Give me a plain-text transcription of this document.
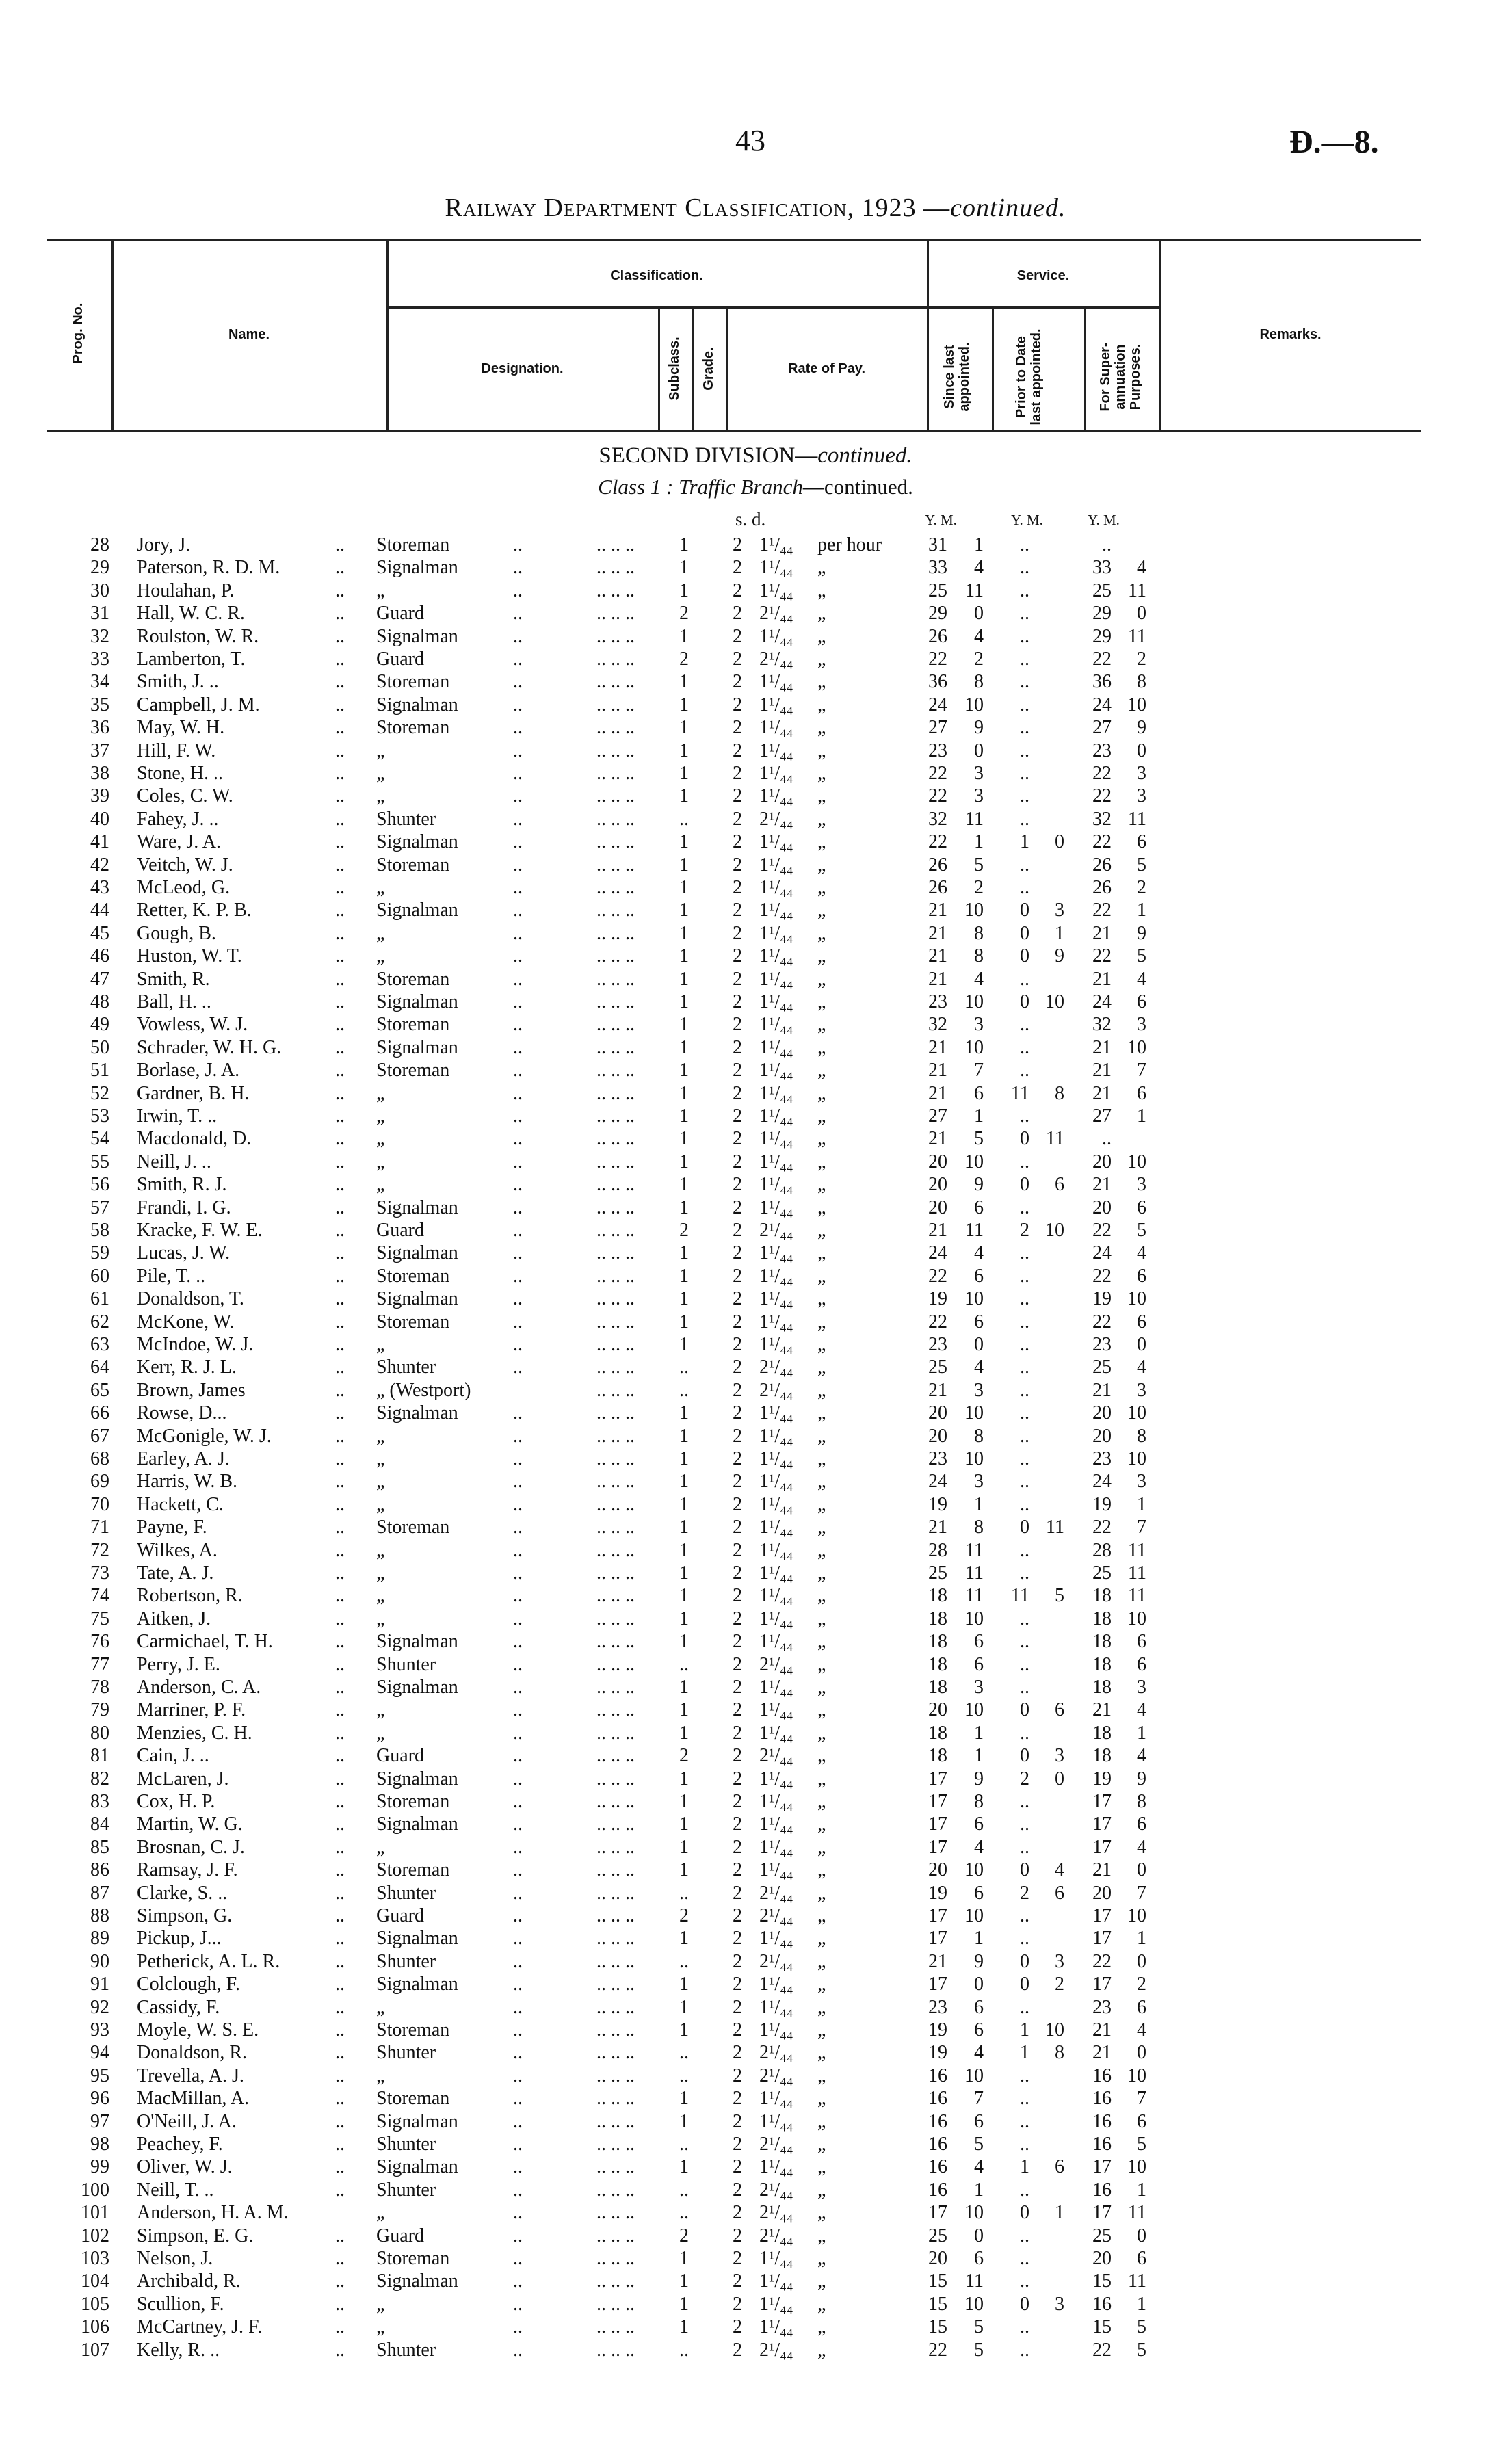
43	Ɖ.—8.
Railway Department Classification, 1923 —continued.
Prog. No.	Name.
Classification.
Designation.	Subclass. Grade.	Rate of Pay.
Service.
Since last appointed.	Prior to Date last appointed.	For Super-annuation Purposes.
Remarks.
SECOND DIVISION—continued.
Class 1 : Traffic Branch—continued.
s. d.	Y. M.	Y. M.	Y. M.
28 Jory, J.	.. Storeman	..	.. .. ..	1	2 1¹/₄₄ per hour	31	1	..	..
29 Paterson, R. D. M.	.. Signalman	..	.. .. ..	1	2 1¹/₄₄ „	33	4	..	33	4
30 Houlahan, P.	.. „	..	.. .. ..	1	2 1¹/₄₄ „	25 11	..	25 11
31 Hall, W. C. R.	.. Guard	..	.. .. ..	2	2 2¹/₄₄ „	29	0	..	29	0
32 Roulston, W. R.	.. Signalman	..	.. .. ..	1	2 1¹/₄₄ „	26	4	..	29 11
33 Lamberton, T.	.. Guard	..	.. .. ..	2	2 2¹/₄₄ „	22	2	..	22	2
34 Smith, J. ..	.. Storeman	..	.. .. ..	1	2 1¹/₄₄ „	36	8	..	36	8
35 Campbell, J. M.	.. Signalman	..	.. .. ..	1	2 1¹/₄₄ „	24 10	..	24 10
36 May, W. H.	.. Storeman	..	.. .. ..	1	2 1¹/₄₄ „	27	9	..	27	9
37 Hill, F. W.	.. „	..	.. .. ..	1	2 1¹/₄₄ „	23	0	..	23	0
38 Stone, H. ..	.. „	..	.. .. ..	1	2 1¹/₄₄ „	22	3	..	22	3
39 Coles, C. W.	.. „	..	.. .. ..	1	2 1¹/₄₄ „	22	3	..	22	3
40 Fahey, J. ..	.. Shunter	..	.. .. ..	..	2 2¹/₄₄ „	32 11	..	32 11
41 Ware, J. A.	.. Signalman	..	.. .. ..	1	2 1¹/₄₄ „	22	1	1	0	22	6
42 Veitch, W. J.	.. Storeman	..	.. .. ..	1	2 1¹/₄₄ „	26	5	..	26	5
43 McLeod, G.	.. „	..	.. .. ..	1	2 1¹/₄₄ „	26	2	..	26	2
44 Retter, K. P. B.	.. Signalman	..	.. .. ..	1	2 1¹/₄₄ „	21 10	0	3	22	1
45 Gough, B.	.. „	..	.. .. ..	1	2 1¹/₄₄ „	21	8	0	1	21	9
46 Huston, W. T.	.. „	..	.. .. ..	1	2 1¹/₄₄ „	21	8	0	9	22	5
47 Smith, R.	.. Storeman	..	.. .. ..	1	2 1¹/₄₄ „	21	4	..	21	4
48 Ball, H. ..	.. Signalman	..	.. .. ..	1	2 1¹/₄₄ „	23 10	0 10	24	6
49 Vowless, W. J.	.. Storeman	..	.. .. ..	1	2 1¹/₄₄ „	32	3	..	32	3
50 Schrader, W. H. G.	.. Signalman	..	.. .. ..	1	2 1¹/₄₄ „	21 10	..	21 10
51 Borlase, J. A.	.. Storeman	..	.. .. ..	1	2 1¹/₄₄ „	21	7	..	21	7
52 Gardner, B. H.	.. „	..	.. .. ..	1	2 1¹/₄₄ „	21	6	11	8	21	6
53 Irwin, T. ..	.. „	..	.. .. ..	1	2 1¹/₄₄ „	27	1	..	27	1
54 Macdonald, D.	.. „	..	.. .. ..	1	2 1¹/₄₄ „	21	5	0 11	..
55 Neill, J. ..	.. „	..	.. .. ..	1	2 1¹/₄₄ „	20 10	..	20 10
56 Smith, R. J.	.. „	..	.. .. ..	1	2 1¹/₄₄ „	20	9	0	6	21	3
57 Frandi, I. G.	.. Signalman	..	.. .. ..	1	2 1¹/₄₄ „	20	6	..	20	6
58 Kracke, F. W. E.	.. Guard	..	.. .. ..	2	2 2¹/₄₄ „	21 11	2 10	22	5
59 Lucas, J. W.	.. Signalman	..	.. .. ..	1	2 1¹/₄₄ „	24	4	..	24	4
60 Pile, T. ..	.. Storeman	..	.. .. ..	1	2 1¹/₄₄ „	22	6	..	22	6
61 Donaldson, T.	.. Signalman	..	.. .. ..	1	2 1¹/₄₄ „	19 10	..	19 10
62 McKone, W.	.. Storeman	..	.. .. ..	1	2 1¹/₄₄ „	22	6	..	22	6
63 McIndoe, W. J.	.. „	..	.. .. ..	1	2 1¹/₄₄ „	23	0	..	23	0
64 Kerr, R. J. L.	.. Shunter	..	.. .. ..	..	2 2¹/₄₄ „	25	4	..	25	4
65 Brown, James	.. „ (Westport)	.. .. ..	..	2 2¹/₄₄ „	21	3	..	21	3
66 Rowse, D...	.. Signalman	..	.. .. ..	1	2 1¹/₄₄ „	20 10	..	20 10
67 McGonigle, W. J.	.. „	..	.. .. ..	1	2 1¹/₄₄ „	20	8	..	20	8
68 Earley, A. J.	.. „	..	.. .. ..	1	2 1¹/₄₄ „	23 10	..	23 10
69 Harris, W. B.	.. „	..	.. .. ..	1	2 1¹/₄₄ „	24	3	..	24	3
70 Hackett, C.	.. „	..	.. .. ..	1	2 1¹/₄₄ „	19	1	..	19	1
71 Payne, F.	.. Storeman	..	.. .. ..	1	2 1¹/₄₄ „	21	8	0 11	22	7
72 Wilkes, A.	.. „	..	.. .. ..	1	2 1¹/₄₄ „	28 11	..	28 11
73 Tate, A. J.	.. „	..	.. .. ..	1	2 1¹/₄₄ „	25 11	..	25 11
74 Robertson, R.	.. „	..	.. .. ..	1	2 1¹/₄₄ „	18 11	11	5	18 11
75 Aitken, J.	.. „	..	.. .. ..	1	2 1¹/₄₄ „	18 10	..	18 10
76 Carmichael, T. H.	.. Signalman	..	.. .. ..	1	2 1¹/₄₄ „	18	6	..	18	6
77 Perry, J. E.	.. Shunter	..	.. .. ..	..	2 2¹/₄₄ „	18	6	..	18	6
78 Anderson, C. A.	.. Signalman	..	.. .. ..	1	2 1¹/₄₄ „	18	3	..	18	3
79 Marriner, P. F.	.. „	..	.. .. ..	1	2 1¹/₄₄ „	20 10	0	6	21	4
80 Menzies, C. H.	.. „	..	.. .. ..	1	2 1¹/₄₄ „	18	1	..	18	1
81 Cain, J. ..	.. Guard	..	.. .. ..	2	2 2¹/₄₄ „	18	1	0	3	18	4
82 McLaren, J.	.. Signalman	..	.. .. ..	1	2 1¹/₄₄ „	17	9	2	0	19	9
83 Cox, H. P.	.. Storeman	..	.. .. ..	1	2 1¹/₄₄ „	17	8	..	17	8
84 Martin, W. G.	.. Signalman	..	.. .. ..	1	2 1¹/₄₄ „	17	6	..	17	6
85 Brosnan, C. J.	.. „	..	.. .. ..	1	2 1¹/₄₄ „	17	4	..	17	4
86 Ramsay, J. F.	.. Storeman	..	.. .. ..	1	2 1¹/₄₄ „	20 10	0	4	21	0
87 Clarke, S. ..	.. Shunter	..	.. .. ..	..	2 2¹/₄₄ „	19	6	2	6	20	7
88 Simpson, G.	.. Guard	..	.. .. ..	2	2 2¹/₄₄ „	17 10	..	17 10
89 Pickup, J...	.. Signalman	..	.. .. ..	1	2 1¹/₄₄ „	17	1	..	17	1
90 Petherick, A. L. R.	.. Shunter	..	.. .. ..	..	2 2¹/₄₄ „	21	9	0	3	22	0
91 Colclough, F.	.. Signalman	..	.. .. ..	1	2 1¹/₄₄ „	17	0	0	2	17	2
92 Cassidy, F.	.. „	..	.. .. ..	1	2 1¹/₄₄ „	23	6	..	23	6
93 Moyle, W. S. E.	.. Storeman	..	.. .. ..	1	2 1¹/₄₄ „	19	6	1 10	21	4
94 Donaldson, R.	.. Shunter	..	.. .. ..	..	2 2¹/₄₄ „	19	4	1	8	21	0
95 Trevella, A. J.	.. „	..	.. .. ..	..	2 2¹/₄₄ „	16 10	..	16 10
96 MacMillan, A.	.. Storeman	..	.. .. ..	1	2 1¹/₄₄ „	16	7	..	16	7
97 O'Neill, J. A.	.. Signalman	..	.. .. ..	1	2 1¹/₄₄ „	16	6	..	16	6
98 Peachey, F.	.. Shunter	..	.. .. ..	..	2 2¹/₄₄ „	16	5	..	16	5
99 Oliver, W. J.	.. Signalman	..	.. .. ..	1	2 1¹/₄₄ „	16	4	1	6	17 10
100 Neill, T. ..	.. Shunter	..	.. .. ..	..	2 2¹/₄₄ „	16	1	..	16	1
101 Anderson, H. A. M.	„	..	.. .. ..	..	2 2¹/₄₄ „	17 10	0	1	17 11
102 Simpson, E. G.	.. Guard	..	.. .. ..	2	2 2¹/₄₄ „	25	0	..	25	0
103 Nelson, J.	.. Storeman	..	.. .. ..	1	2 1¹/₄₄ „	20	6	..	20	6
104 Archibald, R.	.. Signalman	..	.. .. ..	1	2 1¹/₄₄ „	15 11	..	15 11
105 Scullion, F.	.. „	..	.. .. ..	1	2 1¹/₄₄ „	15 10	0	3	16	1
106 McCartney, J. F.	.. „	..	.. .. ..	1	2 1¹/₄₄ „	15	5	..	15	5
107 Kelly, R. ..	.. Shunter	..	.. .. ..	..	2 2¹/₄₄ „	22	5	..	22	5
